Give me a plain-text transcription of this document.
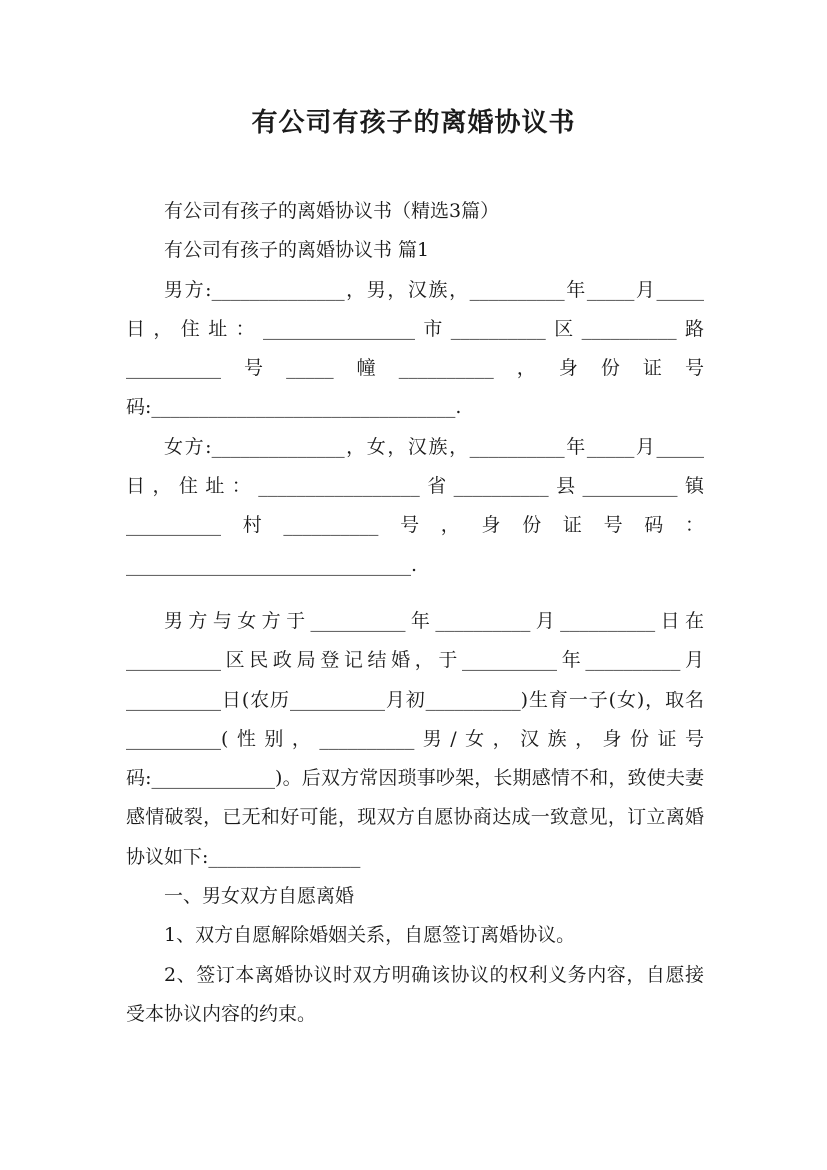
有公司有孩子的离婚协议书

有公司有孩子的离婚协议书（精选3篇）

有公司有孩子的离婚协议书 篇1

男方:______________，男，汉族，__________年_____月_____日，住址：________________市__________区__________路__________号_____幢__________，身份证号码:________________________________.

女方:______________，女，汉族，__________年_____月_____日，住址：_________________省__________县__________镇__________村__________号，身份证号码：______________________________.

男方与女方于__________年__________月__________日在__________区民政局登记结婚，于__________年__________月__________日(农历__________月初__________)生育一子(女)，取名__________(性别，__________男/女，汉族，身份证号码:_____________)。后双方常因琐事吵架，长期感情不和，致使夫妻感情破裂，已无和好可能，现双方自愿协商达成一致意见，订立离婚协议如下:________________

一、男女双方自愿离婚

1、双方自愿解除婚姻关系，自愿签订离婚协议。

2、签订本离婚协议时双方明确该协议的权利义务内容，自愿接受本协议内容的约束。
